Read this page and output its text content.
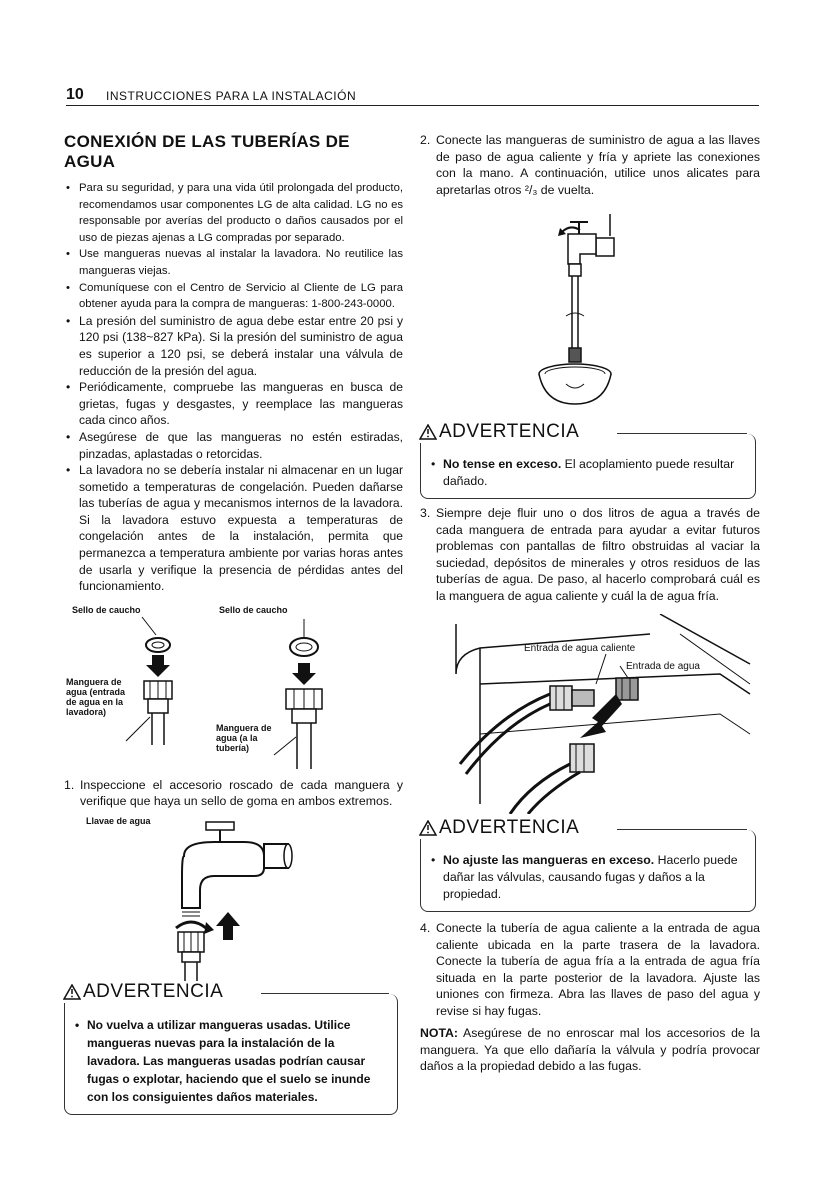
10 INSTRUCCIONES PARA LA INSTALACIÓN
CONEXIÓN DE LAS TUBERÍAS DE AGUA
• Para su seguridad, y para una vida útil prolongada del producto, recomendamos usar componentes LG de alta calidad. LG no es responsable por averías del producto o daños causados por el uso de piezas ajenas a LG compradas por separado.
• Use mangueras nuevas al instalar la lavadora. No reutilice las mangueras viejas.
• Comuníquese con el Centro de Servicio al Cliente de LG para obtener ayuda para la compra de mangueras: 1-800-243-0000.
• La presión del suministro de agua debe estar entre 20 psi y 120 psi (138~827 kPa). Si la presión del suministro de agua es superior a 120 psi, se deberá instalar una válvula de reducción de la presión del agua.
• Periódicamente, compruebe las mangueras en busca de grietas, fugas y desgastes, y reemplace las mangueras cada cinco años.
• Asegúrese de que las mangueras no estén estiradas, pinzadas, aplastadas o retorcidas.
• La lavadora no se debería instalar ni almacenar en un lugar sometido a temperaturas de congelación. Pueden dañarse las tuberías de agua y mecanismos internos de la lavadora. Si la lavadora estuvo expuesta a temperaturas de congelación antes de la instalación, permita que permanezca a temperatura ambiente por varias horas antes de usarla y verifique la presencia de pérdidas antes del funcionamiento.
Sello de caucho	Sello de caucho
Manguera de agua (entrada de agua en la lavadora)
Manguera de agua (a la tubería)
1. Inspeccione el accesorio roscado de cada manguera y verifique que haya un sello de goma en ambos extremos.
Llavae de agua
ADVERTENCIA
• No vuelva a utilizar mangueras usadas. Utilice mangueras nuevas para la instalación de la lavadora. Las mangueras usadas podrían causar fugas o explotar, haciendo que el suelo se inunde con los consiguientes daños materiales.
2. Conecte las mangueras de suministro de agua a las llaves de paso de agua caliente y fría y apriete las conexiones con la mano. A continuación, utilice unos alicates para apretarlas otros ²/₃ de vuelta.
ADVERTENCIA
• No tense en exceso. El acoplamiento puede resultar dañado.
3. Siempre deje fluir uno o dos litros de agua a través de cada manguera de entrada para ayudar a evitar futuros problemas con pantallas de filtro obstruidas al vaciar la suciedad, depósitos de minerales y otros residuos de las tuberías de agua. De paso, al hacerlo comprobará cuál es la manguera de agua caliente y cuál la de agua fría.
Entrada de agua caliente
Entrada de agua
ADVERTENCIA
• No ajuste las mangueras en exceso. Hacerlo puede dañar las válvulas, causando fugas y daños a la propiedad.
4. Conecte la tubería de agua caliente a la entrada de agua caliente ubicada en la parte trasera de la lavadora. Conecte la tubería de agua fría a la entrada de agua fría situada en la parte posterior de la lavadora. Ajuste las uniones con firmeza. Abra las llaves de paso del agua y revise si hay fugas.

NOTA: Asegúrese de no enroscar mal los accesorios de la manguera. Ya que ello dañaría la válvula y podría provocar daños a la propiedad debido a las fugas.
